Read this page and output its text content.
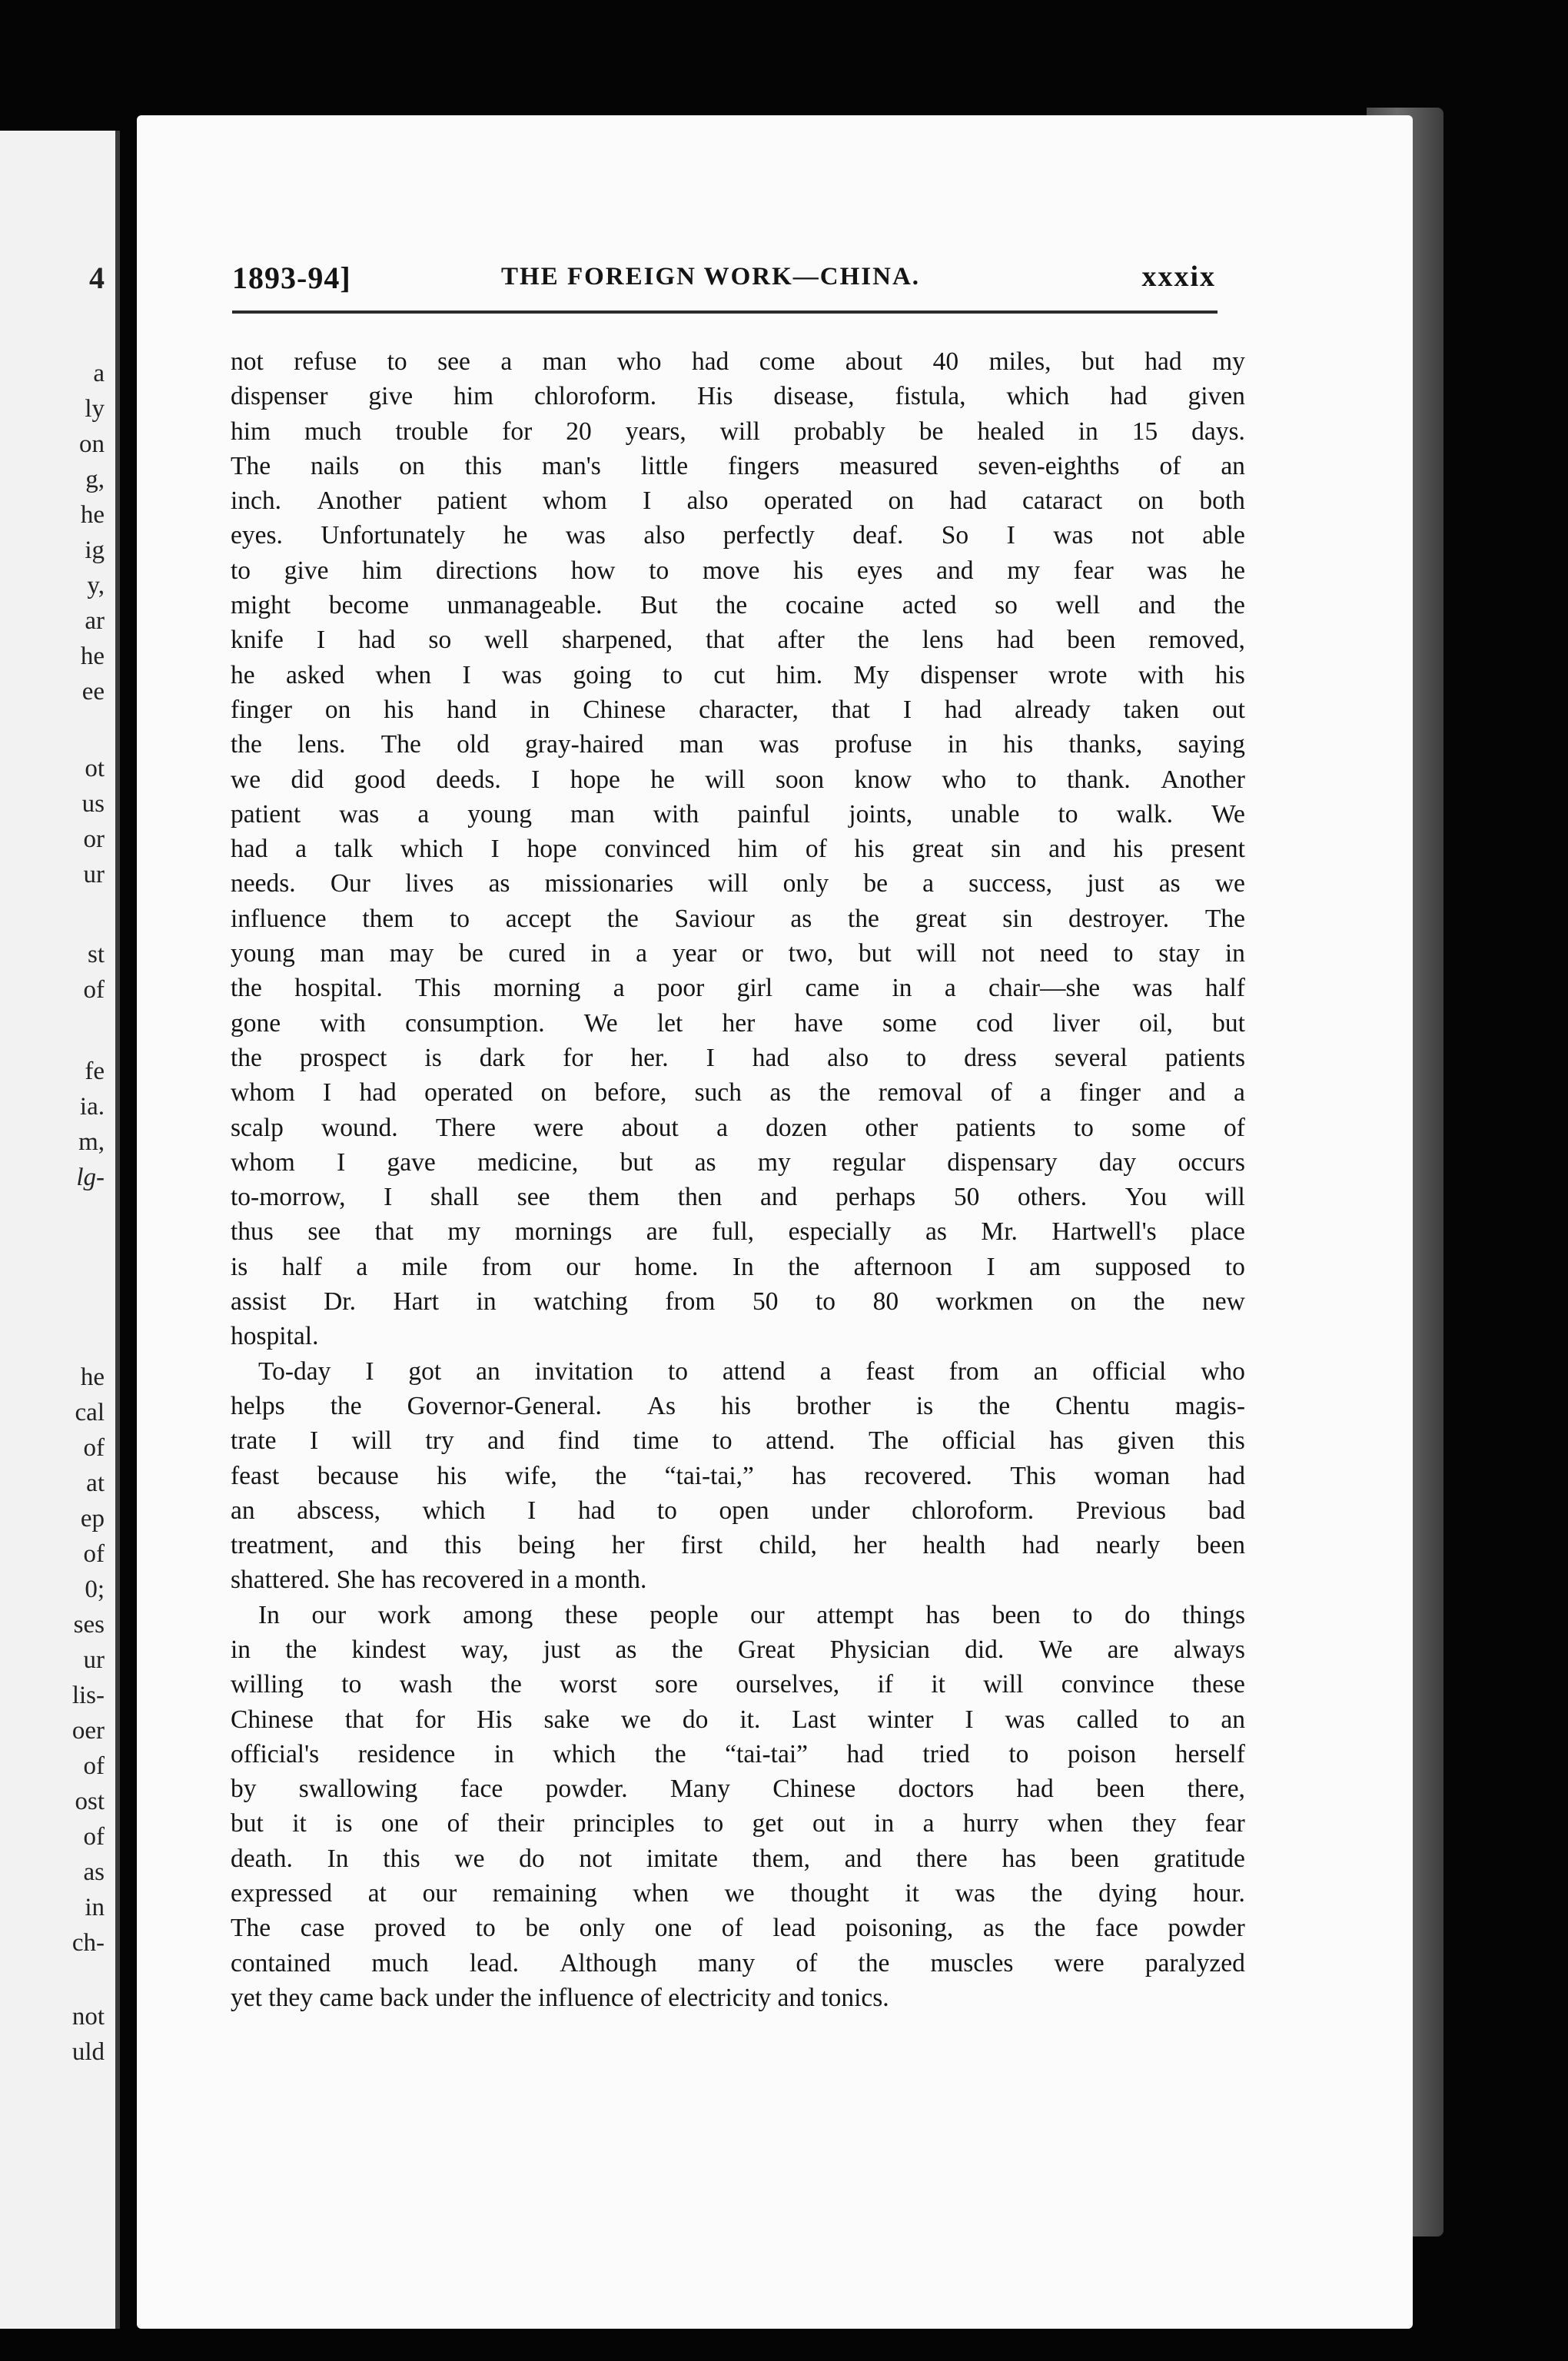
4
a
ly
on
g,
he
ig
y,
ar
he
ee
ot
us
or
ur
st
of
fe
ia.
m,
lg-
he
cal
of
at
ep
of
0;
ses
ur
lis-
oer
of
ost
of
as
in
ch-
not
uld
1893-94]	THE FOREIGN WORK—CHINA.	xxxix
not refuse to see a man who had come about 40 miles, but had my
dispenser give him chloroform. His disease, fistula, which had given
him much trouble for 20 years, will probably be healed in 15 days.
The nails on this man's little fingers measured seven-eighths of an
inch. Another patient whom I also operated on had cataract on both
eyes. Unfortunately he was also perfectly deaf. So I was not able
to give him directions how to move his eyes and my fear was he
might become unmanageable. But the cocaine acted so well and the
knife I had so well sharpened, that after the lens had been removed,
he asked when I was going to cut him. My dispenser wrote with his
finger on his hand in Chinese character, that I had already taken out
the lens. The old gray-haired man was profuse in his thanks, saying
we did good deeds. I hope he will soon know who to thank. Another
patient was a young man with painful joints, unable to walk. We
had a talk which I hope convinced him of his great sin and his present
needs. Our lives as missionaries will only be a success, just as we
influence them to accept the Saviour as the great sin destroyer. The
young man may be cured in a year or two, but will not need to stay in
the hospital. This morning a poor girl came in a chair—she was half
gone with consumption. We let her have some cod liver oil, but
the prospect is dark for her. I had also to dress several patients
whom I had operated on before, such as the removal of a finger and a
scalp wound. There were about a dozen other patients to some of
whom I gave medicine, but as my regular dispensary day occurs
to-morrow, I shall see them then and perhaps 50 others. You will
thus see that my mornings are full, especially as Mr. Hartwell's place
is half a mile from our home. In the afternoon I am supposed to
assist Dr. Hart in watching from 50 to 80 workmen on the new
hospital.
To-day I got an invitation to attend a feast from an official who
helps the Governor-General. As his brother is the Chentu magis-
trate I will try and find time to attend. The official has given this
feast because his wife, the “tai-tai,” has recovered. This woman had
an abscess, which I had to open under chloroform. Previous bad
treatment, and this being her first child, her health had nearly been
shattered. She has recovered in a month.
In our work among these people our attempt has been to do things
in the kindest way, just as the Great Physician did. We are always
willing to wash the worst sore ourselves, if it will convince these
Chinese that for His sake we do it. Last winter I was called to an
official's residence in which the “tai-tai” had tried to poison herself
by swallowing face powder. Many Chinese doctors had been there,
but it is one of their principles to get out in a hurry when they fear
death. In this we do not imitate them, and there has been gratitude
expressed at our remaining when we thought it was the dying hour.
The case proved to be only one of lead poisoning, as the face powder
contained much lead. Although many of the muscles were paralyzed
yet they came back under the influence of electricity and tonics.
